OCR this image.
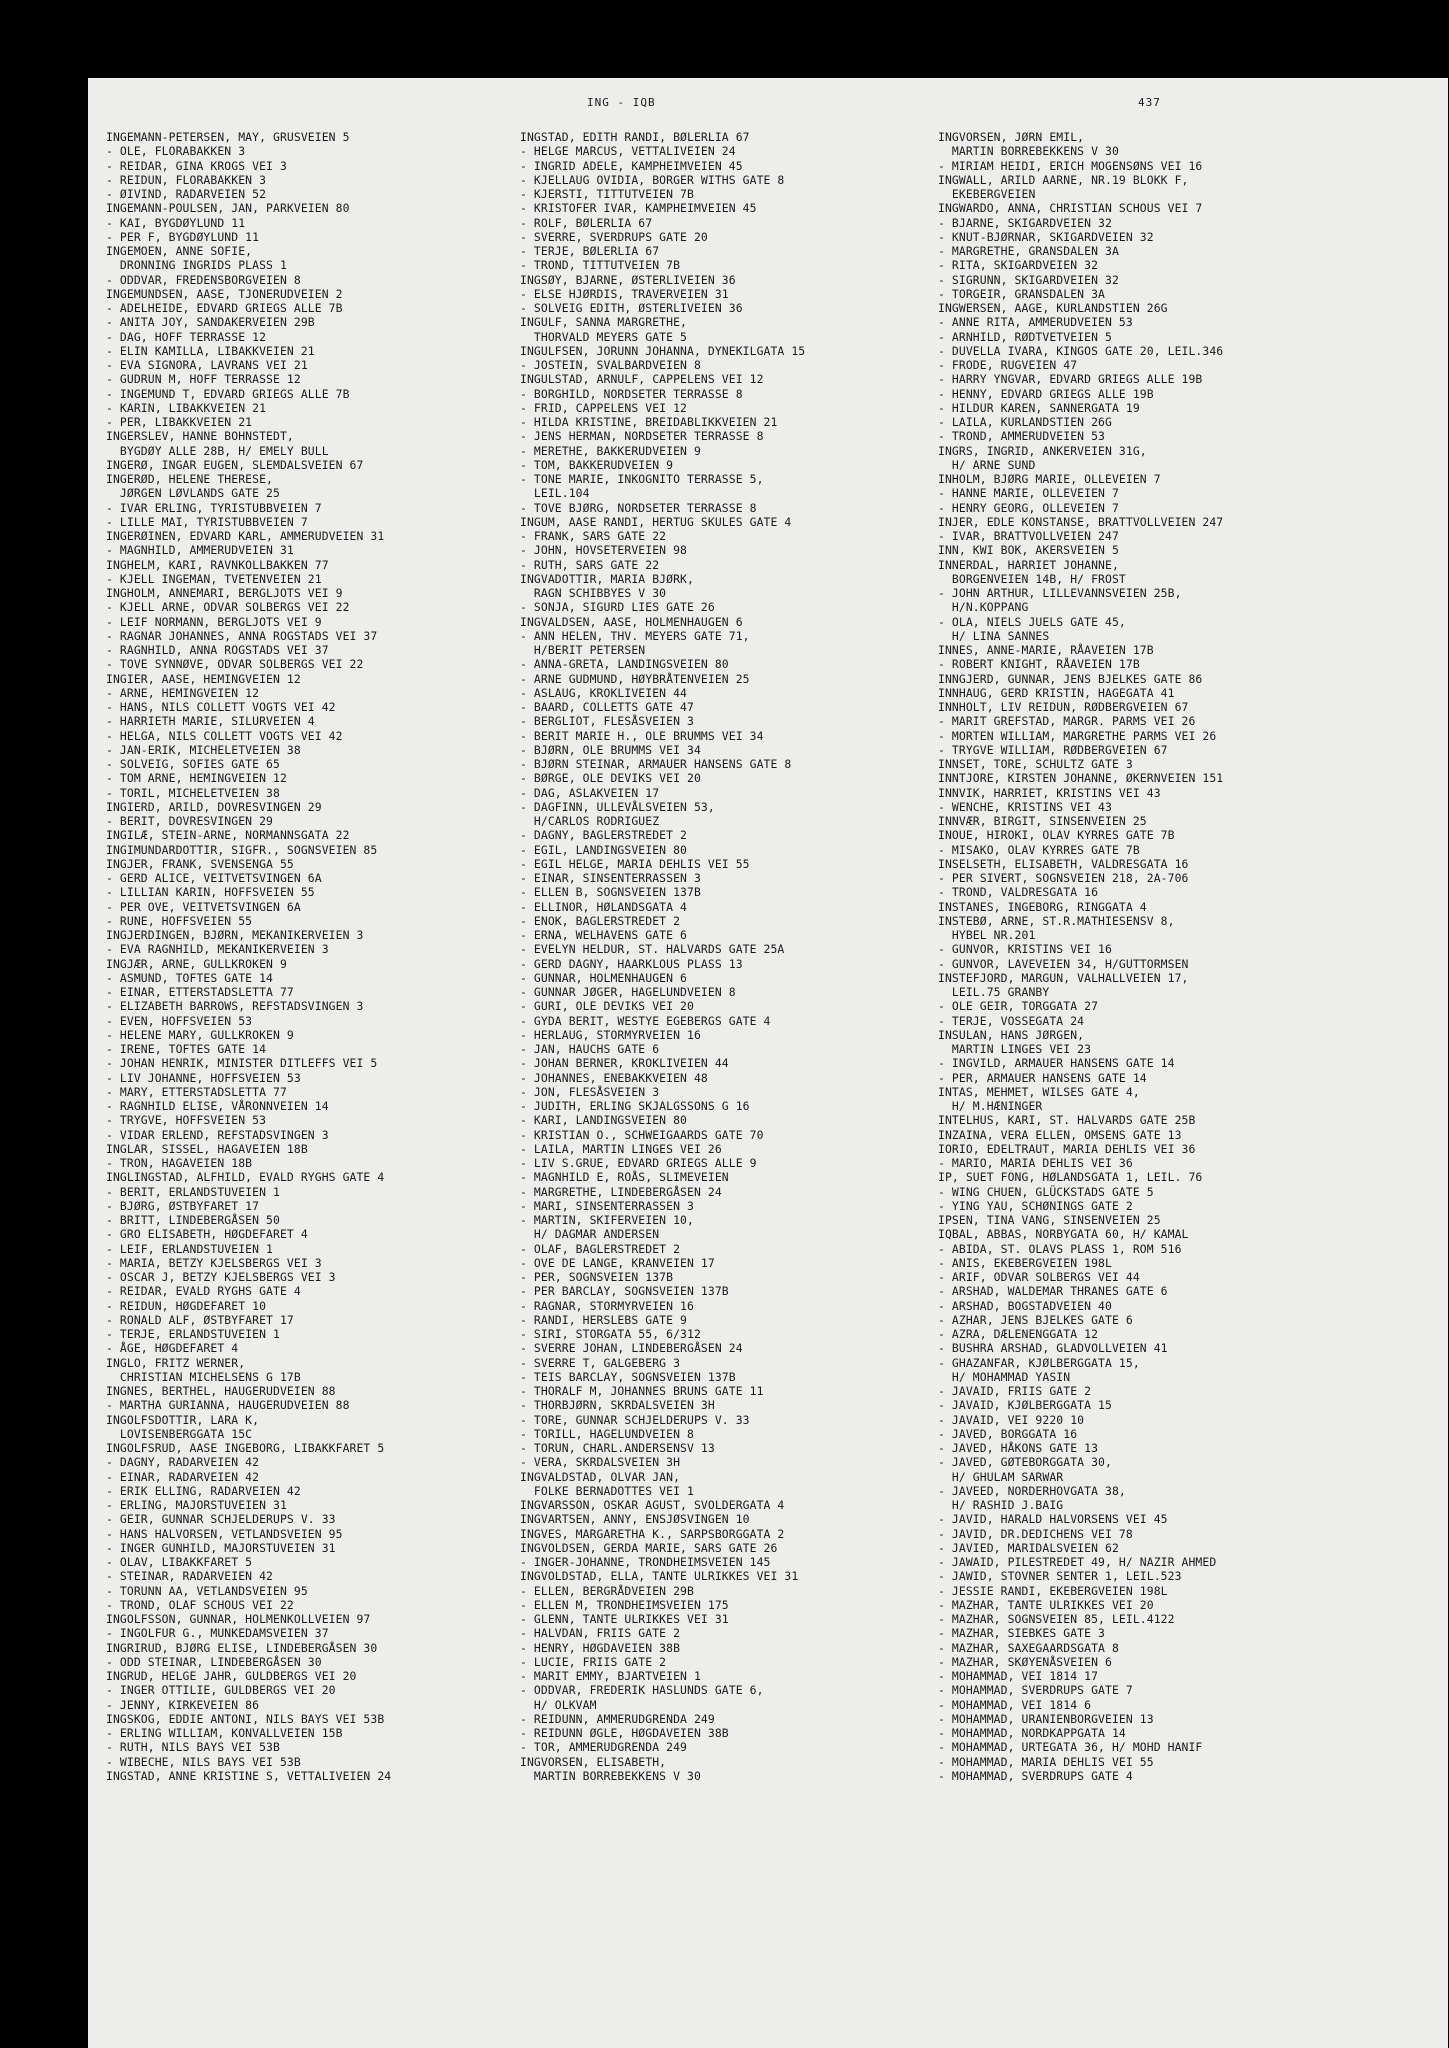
ING - IQB	437
INGEMANN-PETERSEN, MAY, GRUSVEIEN 5
- OLE, FLORABAKKEN 3
- REIDAR, GINA KROGS VEI 3
- REIDUN, FLORABAKKEN 3
- ØIVIND, RADARVEIEN 52
INGEMANN-POULSEN, JAN, PARKVEIEN 80
- KAI, BYGDØYLUND 11
- PER F, BYGDØYLUND 11
INGEMOEN, ANNE SOFIE,
DRONNING INGRIDS PLASS 1
- ODDVAR, FREDENSBORGVEIEN 8
INGEMUNDSEN, AASE, TJONERUDVEIEN 2
- ADELHEIDE, EDVARD GRIEGS ALLE 7B
- ANITA JOY, SANDAKERVEIEN 29B
- DAG, HOFF TERRASSE 12
- ELIN KAMILLA, LIBAKKVEIEN 21
- EVA SIGNORA, LAVRANS VEI 21
- GUDRUN M, HOFF TERRASSE 12
- INGEMUND T, EDVARD GRIEGS ALLE 7B
- KARIN, LIBAKKVEIEN 21
- PER, LIBAKKVEIEN 21
INGERSLEV, HANNE BOHNSTEDT,
BYGDØY ALLE 28B, H/ EMELY BULL
INGERØ, INGAR EUGEN, SLEMDALSVEIEN 67
INGERØD, HELENE THERESE,
JØRGEN LØVLANDS GATE 25
- IVAR ERLING, TYRISTUBBVEIEN 7
- LILLE MAI, TYRISTUBBVEIEN 7
INGERØINEN, EDVARD KARL, AMMERUDVEIEN 31
- MAGNHILD, AMMERUDVEIEN 31
INGHELM, KARI, RAVNKOLLBAKKEN 77
- KJELL INGEMAN, TVETENVEIEN 21
INGHOLM, ANNEMARI, BERGLJOTS VEI 9
- KJELL ARNE, ODVAR SOLBERGS VEI 22
- LEIF NORMANN, BERGLJOTS VEI 9
- RAGNAR JOHANNES, ANNA ROGSTADS VEI 37
- RAGNHILD, ANNA ROGSTADS VEI 37
- TOVE SYNNØVE, ODVAR SOLBERGS VEI 22
INGIER, AASE, HEMINGVEIEN 12
- ARNE, HEMINGVEIEN 12
- HANS, NILS COLLETT VOGTS VEI 42
- HARRIETH MARIE, SILURVEIEN 4
- HELGA, NILS COLLETT VOGTS VEI 42
- JAN-ERIK, MICHELETVEIEN 38
- SOLVEIG, SOFIES GATE 65
- TOM ARNE, HEMINGVEIEN 12
- TORIL, MICHELETVEIEN 38
INGIERD, ARILD, DOVRESVINGEN 29
- BERIT, DOVRESVINGEN 29
INGILÆ, STEIN-ARNE, NORMANNSGATA 22
INGIMUNDARDOTTIR, SIGFR., SOGNSVEIEN 85
INGJER, FRANK, SVENSENGA 55
- GERD ALICE, VEITVETSVINGEN 6A
- LILLIAN KARIN, HOFFSVEIEN 55
- PER OVE, VEITVETSVINGEN 6A
- RUNE, HOFFSVEIEN 55
INGJERDINGEN, BJØRN, MEKANIKERVEIEN 3
- EVA RAGNHILD, MEKANIKERVEIEN 3
INGJÆR, ARNE, GULLKROKEN 9
- ASMUND, TOFTES GATE 14
- EINAR, ETTERSTADSLETTA 77
- ELIZABETH BARROWS, REFSTADSVINGEN 3
- EVEN, HOFFSVEIEN 53
- HELENE MARY, GULLKROKEN 9
- IRENE, TOFTES GATE 14
- JOHAN HENRIK, MINISTER DITLEFFS VEI 5
- LIV JOHANNE, HOFFSVEIEN 53
- MARY, ETTERSTADSLETTA 77
- RAGNHILD ELISE, VÅRONNVEIEN 14
- TRYGVE, HOFFSVEIEN 53
- VIDAR ERLEND, REFSTADSVINGEN 3
INGLAR, SISSEL, HAGAVEIEN 18B
- TRON, HAGAVEIEN 18B
INGLINGSTAD, ALFHILD, EVALD RYGHS GATE 4
- BERIT, ERLANDSTUVEIEN 1
- BJØRG, ØSTBYFARET 17
- BRITT, LINDEBERGÅSEN 50
- GRO ELISABETH, HØGDEFARET 4
- LEIF, ERLANDSTUVEIEN 1
- MARIA, BETZY KJELSBERGS VEI 3
- OSCAR J, BETZY KJELSBERGS VEI 3
- REIDAR, EVALD RYGHS GATE 4
- REIDUN, HØGDEFARET 10
- RONALD ALF, ØSTBYFARET 17
- TERJE, ERLANDSTUVEIEN 1
- ÅGE, HØGDEFARET 4
INGLO, FRITZ WERNER,
CHRISTIAN MICHELSENS G 17B
INGNES, BERTHEL, HAUGERUDVEIEN 88
- MARTHA GURIANNA, HAUGERUDVEIEN 88
INGOLFSDOTTIR, LARA K,
LOVISENBERGGATA 15C
INGOLFSRUD, AASE INGEBORG, LIBAKKFARET 5
- DAGNY, RADARVEIEN 42
- EINAR, RADARVEIEN 42
- ERIK ELLING, RADARVEIEN 42
- ERLING, MAJORSTUVEIEN 31
- GEIR, GUNNAR SCHJELDERUPS V. 33
- HANS HALVORSEN, VETLANDSVEIEN 95
- INGER GUNHILD, MAJORSTUVEIEN 31
- OLAV, LIBAKKFARET 5
- STEINAR, RADARVEIEN 42
- TORUNN AA, VETLANDSVEIEN 95
- TROND, OLAF SCHOUS VEI 22
INGOLFSSON, GUNNAR, HOLMENKOLLVEIEN 97
- INGOLFUR G., MUNKEDAMSVEIEN 37
INGRIRUD, BJØRG ELISE, LINDEBERGÅSEN 30
- ODD STEINAR, LINDEBERGÅSEN 30
INGRUD, HELGE JAHR, GULDBERGS VEI 20
- INGER OTTILIE, GULDBERGS VEI 20
- JENNY, KIRKEVEIEN 86
INGSKOG, EDDIE ANTONI, NILS BAYS VEI 53B
- ERLING WILLIAM, KONVALLVEIEN 15B
- RUTH, NILS BAYS VEI 53B
- WIBECHE, NILS BAYS VEI 53B
INGSTAD, ANNE KRISTINE S, VETTALIVEIEN 24
INGSTAD, EDITH RANDI, BØLERLIA 67
- HELGE MARCUS, VETTALIVEIEN 24
- INGRID ADELE, KAMPHEIMVEIEN 45
- KJELLAUG OVIDIA, BORGER WITHS GATE 8
- KJERSTI, TITTUTVEIEN 7B
- KRISTOFER IVAR, KAMPHEIMVEIEN 45
- ROLF, BØLERLIA 67
- SVERRE, SVERDRUPS GATE 20
- TERJE, BØLERLIA 67
- TROND, TITTUTVEIEN 7B
INGSØY, BJARNE, ØSTERLIVEIEN 36
- ELSE HJØRDIS, TRAVERVEIEN 31
- SOLVEIG EDITH, ØSTERLIVEIEN 36
INGULF, SANNA MARGRETHE,
THORVALD MEYERS GATE 5
INGULFSEN, JORUNN JOHANNA, DYNEKILGATA 15
- JOSTEIN, SVALBARDVEIEN 8
INGULSTAD, ARNULF, CAPPELENS VEI 12
- BORGHILD, NORDSETER TERRASSE 8
- FRID, CAPPELENS VEI 12
- HILDA KRISTINE, BREIDABLIKKVEIEN 21
- JENS HERMAN, NORDSETER TERRASSE 8
- MERETHE, BAKKERUDVEIEN 9
- TOM, BAKKERUDVEIEN 9
- TONE MARIE, INKOGNITO TERRASSE 5,
LEIL.104
- TOVE BJØRG, NORDSETER TERRASSE 8
INGUM, AASE RANDI, HERTUG SKULES GATE 4
- FRANK, SARS GATE 22
- JOHN, HOVSETERVEIEN 98
- RUTH, SARS GATE 22
INGVADOTTIR, MARIA BJØRK,
RAGN SCHIBBYES V 30
- SONJA, SIGURD LIES GATE 26
INGVALDSEN, AASE, HOLMENHAUGEN 6
- ANN HELEN, THV. MEYERS GATE 71,
H/BERIT PETERSEN
- ANNA-GRETA, LANDINGSVEIEN 80
- ARNE GUDMUND, HØYBRÅTENVEIEN 25
- ASLAUG, KROKLIVEIEN 44
- BAARD, COLLETTS GATE 47
- BERGLIOT, FLESÅSVEIEN 3
- BERIT MARIE H., OLE BRUMMS VEI 34
- BJØRN, OLE BRUMMS VEI 34
- BJØRN STEINAR, ARMAUER HANSENS GATE 8
- BØRGE, OLE DEVIKS VEI 20
- DAG, ASLAKVEIEN 17
- DAGFINN, ULLEVÅLSVEIEN 53,
H/CARLOS RODRIGUEZ
- DAGNY, BAGLERSTREDET 2
- EGIL, LANDINGSVEIEN 80
- EGIL HELGE, MARIA DEHLIS VEI 55
- EINAR, SINSENTERRASSEN 3
- ELLEN B, SOGNSVEIEN 137B
- ELLINOR, HØLANDSGATA 4
- ENOK, BAGLERSTREDET 2
- ERNA, WELHAVENS GATE 6
- EVELYN HELDUR, ST. HALVARDS GATE 25A
- GERD DAGNY, HAARKLOUS PLASS 13
- GUNNAR, HOLMENHAUGEN 6
- GUNNAR JØGER, HAGELUNDVEIEN 8
- GURI, OLE DEVIKS VEI 20
- GYDA BERIT, WESTYE EGEBERGS GATE 4
- HERLAUG, STORMYRVEIEN 16
- JAN, HAUCHS GATE 6
- JOHAN BERNER, KROKLIVEIEN 44
- JOHANNES, ENEBAKKVEIEN 48
- JON, FLESÅSVEIEN 3
- JUDITH, ERLING SKJALGSSONS G 16
- KARI, LANDINGSVEIEN 80
- KRISTIAN O., SCHWEIGAARDS GATE 70
- LAILA, MARTIN LINGES VEI 26
- LIV S.GRUE, EDVARD GRIEGS ALLE 9
- MAGNHILD E, ROÅS, SLIMEVEIEN
- MARGRETHE, LINDEBERGÅSEN 24
- MARI, SINSENTERRASSEN 3
- MARTIN, SKIFERVEIEN 10,
H/ DAGMAR ANDERSEN
- OLAF, BAGLERSTREDET 2
- OVE DE LANGE, KRANVEIEN 17
- PER, SOGNSVEIEN 137B
- PER BARCLAY, SOGNSVEIEN 137B
- RAGNAR, STORMYRVEIEN 16
- RANDI, HERSLEBS GATE 9
- SIRI, STORGATA 55, 6/312
- SVERRE JOHAN, LINDEBERGÅSEN 24
- SVERRE T, GALGEBERG 3
- TEIS BARCLAY, SOGNSVEIEN 137B
- THORALF M, JOHANNES BRUNS GATE 11
- THORBJØRN, SKRDALSVEIEN 3H
- TORE, GUNNAR SCHJELDERUPS V. 33
- TORILL, HAGELUNDVEIEN 8
- TORUN, CHARL.ANDERSENSV 13
- VERA, SKRDALSVEIEN 3H
INGVALDSTAD, OLVAR JAN,
FOLKE BERNADOTTES VEI 1
INGVARSSON, OSKAR AGUST, SVOLDERGATA 4
INGVARTSEN, ANNY, ENSJØSVINGEN 10
INGVES, MARGARETHA K., SARPSBORGGATA 2
INGVOLDSEN, GERDA MARIE, SARS GATE 26
- INGER-JOHANNE, TRONDHEIMSVEIEN 145
INGVOLDSTAD, ELLA, TANTE ULRIKKES VEI 31
- ELLEN, BERGRÅDVEIEN 29B
- ELLEN M, TRONDHEIMSVEIEN 175
- GLENN, TANTE ULRIKKES VEI 31
- HALVDAN, FRIIS GATE 2
- HENRY, HØGDAVEIEN 38B
- LUCIE, FRIIS GATE 2
- MARIT EMMY, BJARTVEIEN 1
- ODDVAR, FREDERIK HASLUNDS GATE 6,
H/ OLKVAM
- REIDUNN, AMMERUDGRENDA 249
- REIDUNN ØGLE, HØGDAVEIEN 38B
- TOR, AMMERUDGRENDA 249
INGVORSEN, ELISABETH,
MARTIN BORREBEKKENS V 30
INGVORSEN, JØRN EMIL,
MARTIN BORREBEKKENS V 30
- MIRIAM HEIDI, ERICH MOGENSØNS VEI 16
INGWALL, ARILD AARNE, NR.19 BLOKK F,
EKEBERGVEIEN
INGWARDO, ANNA, CHRISTIAN SCHOUS VEI 7
- BJARNE, SKIGARDVEIEN 32
- KNUT-BJØRNAR, SKIGARDVEIEN 32
- MARGRETHE, GRANSDALEN 3A
- RITA, SKIGARDVEIEN 32
- SIGRUNN, SKIGARDVEIEN 32
- TORGEIR, GRANSDALEN 3A
INGWERSEN, AAGE, KURLANDSTIEN 26G
- ANNE RITA, AMMERUDVEIEN 53
- ARNHILD, RØDTVETVEIEN 5
- DUVELLA IVARA, KINGOS GATE 20, LEIL.346
- FRODE, RUGVEIEN 47
- HARRY YNGVAR, EDVARD GRIEGS ALLE 19B
- HENNY, EDVARD GRIEGS ALLE 19B
- HILDUR KAREN, SANNERGATA 19
- LAILA, KURLANDSTIEN 26G
- TROND, AMMERUDVEIEN 53
INGRS, INGRID, ANKERVEIEN 31G,
H/ ARNE SUND
INHOLM, BJØRG MARIE, OLLEVEIEN 7
- HANNE MARIE, OLLEVEIEN 7
- HENRY GEORG, OLLEVEIEN 7
INJER, EDLE KONSTANSE, BRATTVOLLVEIEN 247
- IVAR, BRATTVOLLVEIEN 247
INN, KWI BOK, AKERSVEIEN 5
INNERDAL, HARRIET JOHANNE,
BORGENVEIEN 14B, H/ FROST
- JOHN ARTHUR, LILLEVANNSVEIEN 25B,
H/N.KOPPANG
- OLA, NIELS JUELS GATE 45,
H/ LINA SANNES
INNES, ANNE-MARIE, RÅAVEIEN 17B
- ROBERT KNIGHT, RÅAVEIEN 17B
INNGJERD, GUNNAR, JENS BJELKES GATE 86
INNHAUG, GERD KRISTIN, HAGEGATA 41
INNHOLT, LIV REIDUN, RØDBERGVEIEN 67
- MARIT GREFSTAD, MARGR. PARMS VEI 26
- MORTEN WILLIAM, MARGRETHE PARMS VEI 26
- TRYGVE WILLIAM, RØDBERGVEIEN 67
INNSET, TORE, SCHULTZ GATE 3
INNTJORE, KIRSTEN JOHANNE, ØKERNVEIEN 151
INNVIK, HARRIET, KRISTINS VEI 43
- WENCHE, KRISTINS VEI 43
INNVÆR, BIRGIT, SINSENVEIEN 25
INOUE, HIROKI, OLAV KYRRES GATE 7B
- MISAKO, OLAV KYRRES GATE 7B
INSELSETH, ELISABETH, VALDRESGATA 16
- PER SIVERT, SOGNSVEIEN 218, 2A-706
- TROND, VALDRESGATA 16
INSTANES, INGEBORG, RINGGATA 4
INSTEBØ, ARNE, ST.R.MATHIESENSV 8,
HYBEL NR.201
- GUNVOR, KRISTINS VEI 16
- GUNVOR, LAVEVEIEN 34, H/GUTTORMSEN
INSTEFJORD, MARGUN, VALHALLVEIEN 17,
LEIL.75 GRANBY
- OLE GEIR, TORGGATA 27
- TERJE, VOSSEGATA 24
INSULAN, HANS JØRGEN,
MARTIN LINGES VEI 23
- INGVILD, ARMAUER HANSENS GATE 14
- PER, ARMAUER HANSENS GATE 14
INTAS, MEHMET, WILSES GATE 4,
H/ M.HÆNINGER
INTELHUS, KARI, ST. HALVARDS GATE 25B
INZAINA, VERA ELLEN, OMSENS GATE 13
IORIO, EDELTRAUT, MARIA DEHLIS VEI 36
- MARIO, MARIA DEHLIS VEI 36
IP, SUET FONG, HØLANDSGATA 1, LEIL. 76
- WING CHUEN, GLÜCKSTADS GATE 5
- YING YAU, SCHØNINGS GATE 2
IPSEN, TINA VANG, SINSENVEIEN 25
IQBAL, ABBAS, NORBYGATA 60, H/ KAMAL
- ABIDA, ST. OLAVS PLASS 1, ROM 516
- ANIS, EKEBERGVEIEN 198L
- ARIF, ODVAR SOLBERGS VEI 44
- ARSHAD, WALDEMAR THRANES GATE 6
- ARSHAD, BOGSTADVEIEN 40
- AZHAR, JENS BJELKES GATE 6
- AZRA, DÆLENENGGATA 12
- BUSHRA ARSHAD, GLADVOLLVEIEN 41
- GHAZANFAR, KJØLBERGGATA 15,
H/ MOHAMMAD YASIN
- JAVAID, FRIIS GATE 2
- JAVAID, KJØLBERGGATA 15
- JAVAID, VEI 9220 10
- JAVED, BORGGATA 16
- JAVED, HÅKONS GATE 13
- JAVED, GØTEBORGGATA 30,
H/ GHULAM SARWAR
- JAVEED, NORDERHOVGATA 38,
H/ RASHID J.BAIG
- JAVID, HARALD HALVORSENS VEI 45
- JAVID, DR.DEDICHENS VEI 78
- JAVIED, MARIDALSVEIEN 62
- JAWAID, PILESTREDET 49, H/ NAZIR AHMED
- JAWID, STOVNER SENTER 1, LEIL.523
- JESSIE RANDI, EKEBERGVEIEN 198L
- MAZHAR, TANTE ULRIKKES VEI 20
- MAZHAR, SOGNSVEIEN 85, LEIL.4122
- MAZHAR, SIEBKES GATE 3
- MAZHAR, SAXEGAARDSGATA 8
- MAZHAR, SKØYENÅSVEIEN 6
- MOHAMMAD, VEI 1814 17
- MOHAMMAD, SVERDRUPS GATE 7
- MOHAMMAD, VEI 1814 6
- MOHAMMAD, URANIENBORGVEIEN 13
- MOHAMMAD, NORDKAPPGATA 14
- MOHAMMAD, URTEGATA 36, H/ MOHD HANIF
- MOHAMMAD, MARIA DEHLIS VEI 55
- MOHAMMAD, SVERDRUPS GATE 4
